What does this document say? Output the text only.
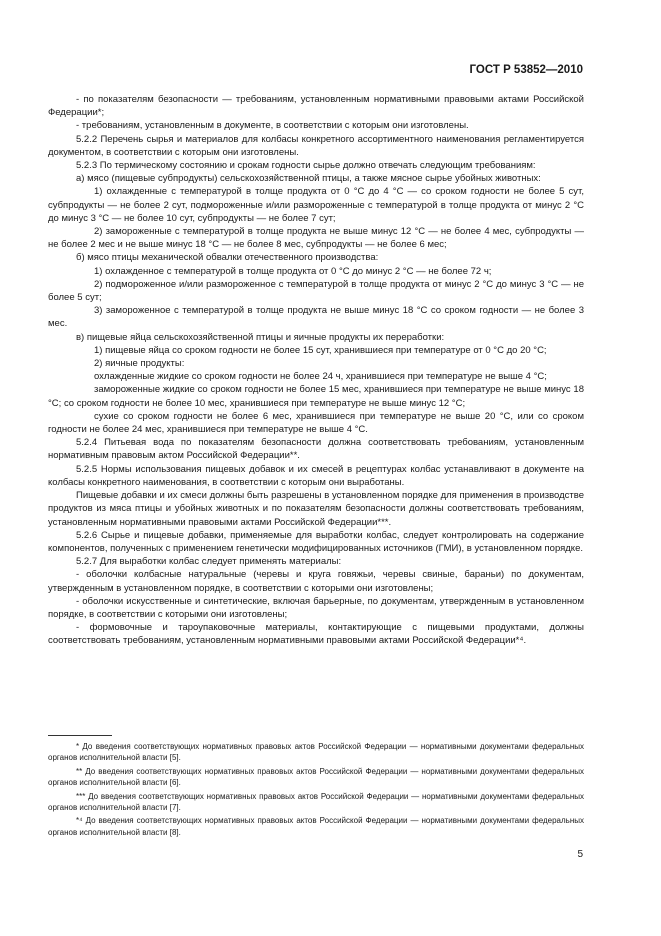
ГОСТ Р 53852—2010

- по показателям безопасности — требованиям, установленным нормативными правовыми актами Российской Федерации*;

- требованиям, установленным в документе, в соответствии с которым они изготовлены.

5.2.2 Перечень сырья и материалов для колбасы конкретного ассортиментного наименования регламентируется документом, в соответствии с которым они изготовлены.

5.2.3 По термическому состоянию и срокам годности сырье должно отвечать следующим требованиям:

а) мясо (пищевые субпродукты) сельскохозяйственной птицы, а также мясное сырье убойных животных:

1) охлажденные с температурой в толще продукта от 0 °С до 4 °С — со сроком годности не более 5 сут, субпродукты — не более 2 сут, подмороженные и/или размороженные с температурой в толще продукта от минус 2 °С до минус 3 °С — не более 10 сут, субпродукты — не более 7 сут;

2) замороженные с температурой в толще продукта не выше минус 12 °С — не более 4 мес, субпродукты — не более 2 мес и не выше минус 18 °С — не более 8 мес, субпродукты — не более 6 мес;

б) мясо птицы механической обвалки отечественного производства:

1) охлажденное с температурой в толще продукта от 0 °С до минус 2 °С — не более 72 ч;

2) подмороженное и/или размороженное с температурой в толще продукта от минус 2 °С до минус 3 °С — не более 5 сут;

3) замороженное с температурой в толще продукта не выше минус 18 °С со сроком годности — не более 3 мес.

в) пищевые яйца сельскохозяйственной птицы и яичные продукты их переработки:

1) пищевые яйца со сроком годности не более 15 сут, хранившиеся при температуре от 0 °С до 20 °С;

2) яичные продукты:

охлажденные жидкие со сроком годности не более 24 ч, хранившиеся при температуре не выше 4 °С;

замороженные жидкие со сроком годности не более 15 мес, хранившиеся при температуре не выше минус 18 °С; со сроком годности не более 10 мес, хранившиеся при температуре не выше минус 12 °С;

сухие со сроком годности не более 6 мес, хранившиеся при температуре не выше 20 °С, или со сроком годности не более 24 мес, хранившиеся при температуре не выше 4 °С.

5.2.4 Питьевая вода по показателям безопасности должна соответствовать требованиям, установленным нормативным правовым актом Российской Федерации**.

5.2.5 Нормы использования пищевых добавок и их смесей в рецептурах колбас устанавливают в документе на колбасы конкретного наименования, в соответствии с которым они выработаны.

Пищевые добавки и их смеси должны быть разрешены в установленном порядке для применения в производстве продуктов из мяса птицы и убойных животных и по показателям безопасности должны соответствовать требованиям, установленным нормативными правовыми актами Российской Федерации***.

5.2.6 Сырье и пищевые добавки, применяемые для выработки колбас, следует контролировать на содержание компонентов, полученных с применением генетически модифицированных источников (ГМИ), в установленном порядке.

5.2.7 Для выработки колбас следует применять материалы:

- оболочки колбасные натуральные (черевы и круга говяжьи, черевы свиные, бараньи) по документам, утвержденным в установленном порядке, в соответствии с которыми они изготовлены;

- оболочки искусственные и синтетические, включая барьерные, по документам, утвержденным в установленном порядке, в соответствии с которыми они изготовлены;

- формовочные и тароупаковочные материалы, контактирующие с пищевыми продуктами, должны соответствовать требованиям, установленным нормативными правовыми актами Российской Федерации*⁴.

* До введения соответствующих нормативных правовых актов Российской Федерации — нормативными документами федеральных органов исполнительной власти [5].

** До введения соответствующих нормативных правовых актов Российской Федерации — нормативными документами федеральных органов исполнительной власти [6].

*** До введения соответствующих нормативных правовых актов Российской Федерации — нормативными документами федеральных органов исполнительной власти [7].

*⁴ До введения соответствующих нормативных правовых актов Российской Федерации — нормативными документами федеральных органов исполнительной власти [8].

5
